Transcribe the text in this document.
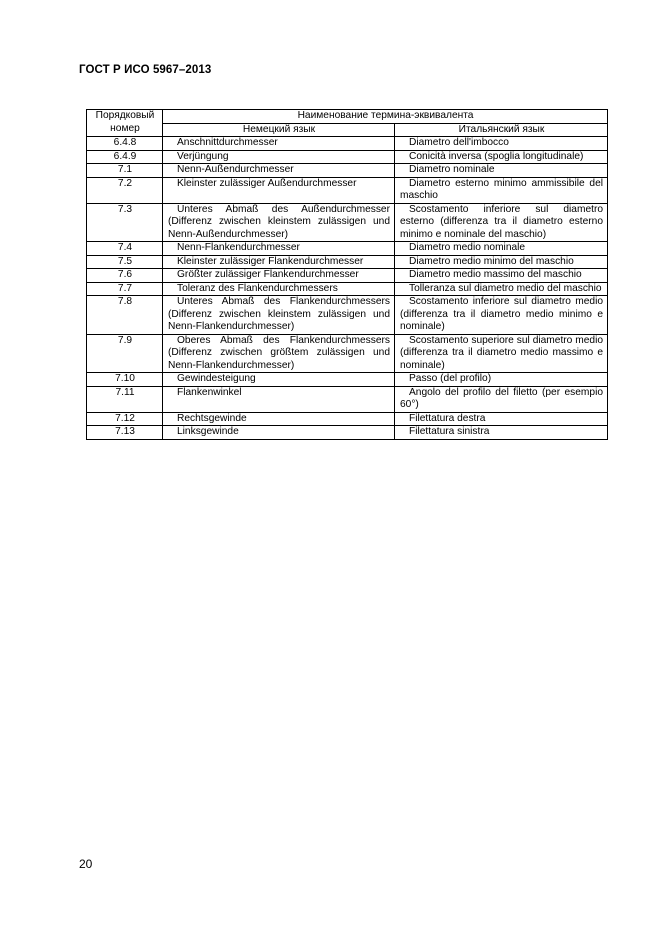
ГОСТ Р ИСО 5967–2013
Порядковый номер	Наименование термина-эквивалента	
	Немецкий язык	Итальянский язык
6.4.8	Anschnittdurchmesser	Diametro dell'imbocco
6.4.9	Verjüngung	Conicità inversa (spoglia longitudinale)
7.1	Nenn-Außendurchmesser	Diametro nominale
7.2	Kleinster zulässiger Außendurchmesser	Diametro esterno minimo ammissibile del maschio
7.3	Unteres Abmaß des Außendurchmesser (Differenz zwischen kleinstem zulässigen und Nenn-Außendurchmesser)	Scostamento inferiore sul diametro esterno (differenza tra il diametro esterno minimo e nominale del maschio)
7.4	Nenn-Flankendurchmesser	Diametro medio nominale
7.5	Kleinster zulässiger Flankendurchmesser	Diametro medio minimo del maschio
7.6	Größter zulässiger Flankendurchmesser	Diametro medio massimo del maschio
7.7	Toleranz des Flankendurchmessers	Tolleranza sul diametro medio del maschio
7.8	Unteres Abmaß des Flankendurchmessers (Differenz zwischen kleinstem zulässigen und Nenn-Flankendurchmesser)	Scostamento inferiore sul diametro medio (differenza tra il diametro medio minimo e nominale)
7.9	Oberes Abmaß des Flankendurchmessers (Differenz zwischen größtem zulässigen und Nenn-Flankendurchmesser)	Scostamento superiore sul diametro medio (differenza tra il diametro medio massimo e nominale)
7.10	Gewindesteigung	Passo (del profilo)
7.11	Flankenwinkel	Angolo del profilo del filetto (per esempio 60°)
7.12	Rechtsgewinde	Filettatura destra
7.13	Linksgewinde	Filettatura sinistra
20
